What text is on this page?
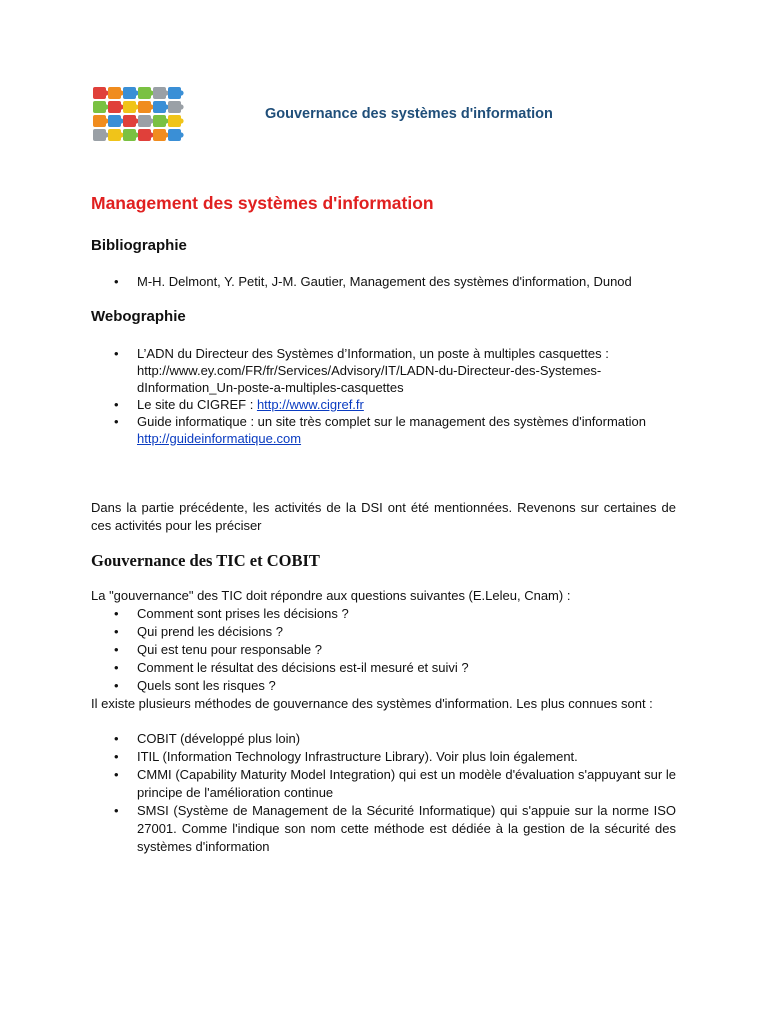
Gouvernance des systèmes d'information
Management des systèmes d'information
Bibliographie
• M-H. Delmont, Y. Petit, J-M. Gautier, Management des systèmes d'information, Dunod
Webographie
• L’ADN du Directeur des Systèmes d’Information, un poste à multiples casquettes :
http://www.ey.com/FR/fr/Services/Advisory/IT/LADN-du-Directeur-des-Systemes-
dInformation_Un-poste-a-multiples-casquettes
• Le site du CIGREF : http://www.cigref.fr
• Guide informatique : un site très complet sur le management des systèmes d'information
http://guideinformatique.com
Dans la partie précédente, les activités de la DSI ont été mentionnées. Revenons sur certaines de ces activités pour les préciser
Gouvernance des TIC et COBIT
La "gouvernance" des TIC doit répondre aux questions suivantes (E.Leleu, Cnam) :
• Comment sont prises les décisions ?
• Qui prend les décisions ?
• Qui est tenu pour responsable ?
• Comment le résultat des décisions est-il mesuré et suivi ?
• Quels sont les risques ?
Il existe plusieurs méthodes de gouvernance des systèmes d'information. Les plus connues sont :
• COBIT (développé plus loin)
• ITIL (Information Technology Infrastructure Library). Voir plus loin également.
• CMMI (Capability Maturity Model Integration) qui est un modèle d'évaluation s'appuyant sur le principe de l'amélioration continue
• SMSI (Système de Management de la Sécurité Informatique) qui s'appuie sur la norme ISO 27001. Comme l'indique son nom cette méthode est dédiée à la gestion de la sécurité des systèmes d'information
